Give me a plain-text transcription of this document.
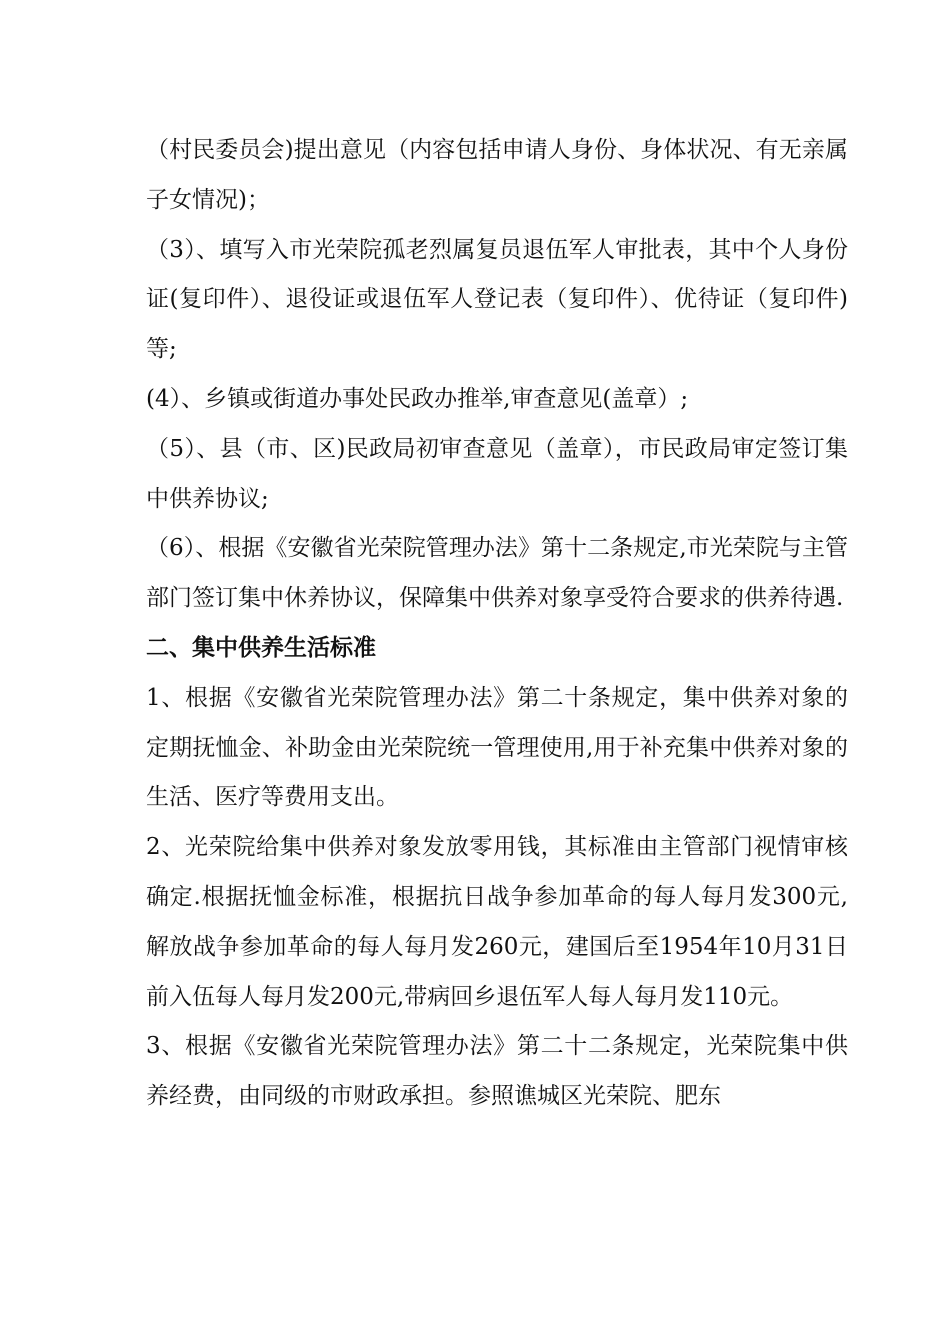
（村民委员会)提出意见（内容包括申请人身份、身体状况、有无亲属子女情况)；

（3）、填写入市光荣院孤老烈属复员退伍军人审批表，其中个人身份证(复印件）、退役证或退伍军人登记表（复印件）、优待证（复印件)等;

(4）、乡镇或街道办事处民政办推举,审查意见(盖章）;

（5）、县（市、区)民政局初审查意见（盖章），市民政局审定签订集中供养协议;

（6）、根据《安徽省光荣院管理办法》第十二条规定,市光荣院与主管部门签订集中休养协议，保障集中供养对象享受符合要求的供养待遇.

二、集中供养生活标准

1、根据《安徽省光荣院管理办法》第二十条规定，集中供养对象的定期抚恤金、补助金由光荣院统一管理使用,用于补充集中供养对象的生活、医疗等费用支出。

2、光荣院给集中供养对象发放零用钱，其标准由主管部门视情审核确定.根据抚恤金标准，根据抗日战争参加革命的每人每月发300元,解放战争参加革命的每人每月发260元，建国后至1954年10月31日前入伍每人每月发200元,带病回乡退伍军人每人每月发110元。

3、根据《安徽省光荣院管理办法》第二十二条规定，光荣院集中供养经费，由同级的市财政承担。参照谯城区光荣院、肥东
